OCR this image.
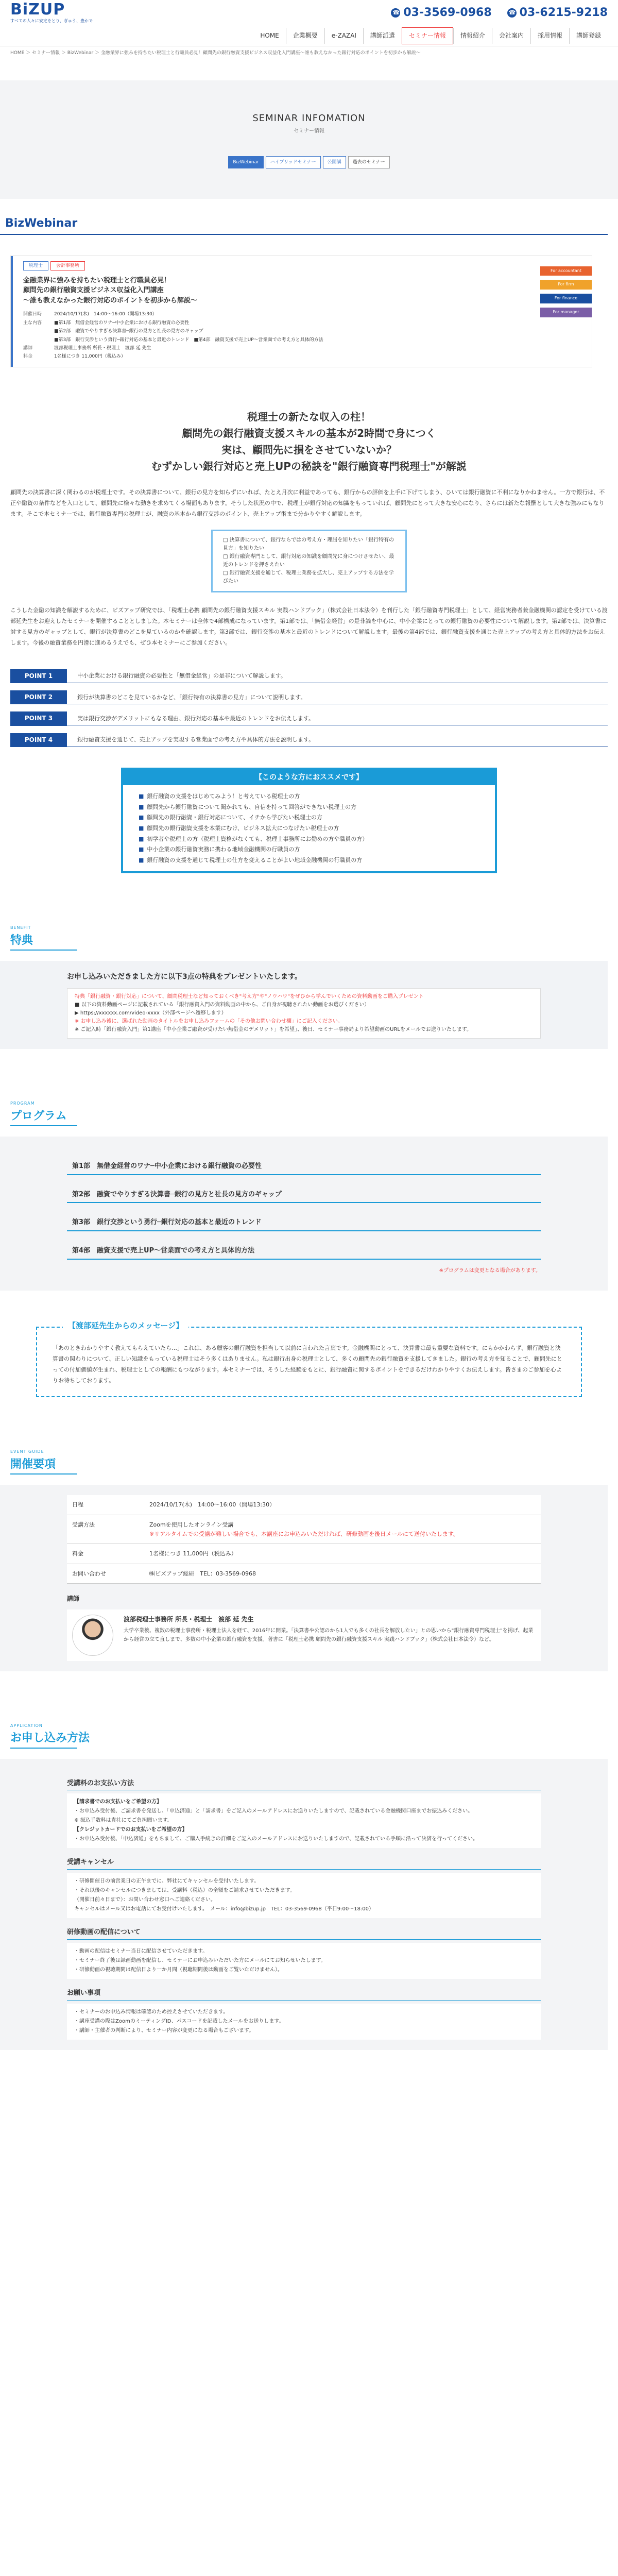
BiZUP
すべての人々に安定をとり、ぎゅう、豊かで
☎
03-3569-0968 ☎ 03-6215-9218
HOME	企業概要	e-ZAZAI	講師派遣	セミナー情報	情報紹介	会社案内	採用情報	講師登録
HOME ＞ セミナー情報 ＞ BizWebinar ＞ 金融業界に強みを持ちたい税理士と行職員必見！顧問先の銀行融資支援ビジネス収益化入門講座〜誰も教えなかった銀行対応のポイントを初歩から解説〜
SEMINAR INFOMATION
セミナー情報
BizWebinar	ハイブリッドセミナー	公開講	過去のセミナー
BizWebinar
税理士	会計事務所
金融業界に強みを持ちたい税理士と行職員必見！
顧問先の銀行融資支援ビジネス収益化入門講座
〜誰も教えなかった銀行対応のポイントを初歩から解説〜
開催日時	2024/10/17(木)　14:00〜16:00（開場13:30）
主な内容	■第1部　無借金経営のワナ─中小企業における銀行融資の必要性
■第2部　融資でやりすぎる決算書─銀行の見方と社長の見方のギャップ
■第3部　銀行交渉という勇行─銀行対応の基本と最近のトレンド　■第4部　融資支援で売上UP〜営業面での考え方と具体的方法
講師	渡部税理士事務所 所長・税理士　渡部 延 先生
料金	1名様につき 11,000円（税込み）
For accountant
For firm
For finance
For manager
税理士の新たな収入の柱！
顧問先の銀行融資支援スキルの基本が2時間で身につく
実は、顧問先に損をさせていないか？
むずかしい銀行対応と売上UPの秘訣を"銀行融資専門税理士"が解説
顧問先の決算書に深く関わるのが税理士です。その決算書について、銀行の見方を知らずにいれば、たとえ月次に利益であっても、銀行からの評価を上手に下げてしまう、ひいては銀行融資に不利になりかねません。一方で銀行は、不正や融資の条件などを入口として、顧問先に様々な動きを求めてくる場面もあります。そうした状況の中で、税理士が銀行対応の知識をもっていれば、顧問先にとって大きな安心になり、さらには新たな報酬として大きな強みにもなります。そこで本セミナーでは、銀行融資専門の税理士が、融資の基本から銀行交渉のポイント、売上アップ術まで分かりやすく解説します。
□ 決算書について、銀行ならではの考え方・理屈を知りたい「銀行特有の見方」を知りたい
□ 銀行融資専門として、銀行対応の知識を顧問先に身につけさせたい、最近のトレンドを押さえたい
□ 銀行融資支援を通じて、税理士業務を拡大し、売上アップする方法を学びたい
こうした金融の知識を解説するために、ビズアップ研究では、「税理士必携 顧問先の銀行融資支援スキル 実践ハンドブック」（株式会社日本法令）を刊行した「銀行融資専門税理士」として、経営実務者兼金融機関の認定を受けている渡部延先生をお迎えしたセミナーを開催することとしました。本セミナーは全体で4部構成になっています。第1部では、「無借金経営」の是非論を中心に、中小企業にとっての銀行融資の必要性について解説します。第2部では、決算書に対する見方のギャップとして、銀行が決算書のどこを見ているのかを確認します。第3部では、銀行交渉の基本と最近のトレンドについて解説します。最後の第4部では、銀行融資支援を通じた売上アップの考え方と具体的方法をお伝えします。今後の融資業務を円滑に進めるうえでも、ぜひ本セミナーにご参加ください。
POINT 1	中小企業における銀行融資の必要性と「無借金経営」の是非について解説します。
POINT 2	銀行が決算書のどこを見ているかなど、「銀行特有の決算書の見方」について説明します。
POINT 3	実は銀行交渉がデメリットにもなる理由、銀行対応の基本や最近のトレンドをお伝えします。
POINT 4	銀行融資支援を通じて、売上アップを実現する営業面での考え方や具体的方法を説明します。
【このような方におススメです】
■ 銀行融資の支援をはじめてみよう！と考えている税理士の方
■ 顧問先から銀行融資について聞かれても、自信を持って回答ができない税理士の方
■ 顧問先の銀行融資・銀行対応について、イチから学びたい税理士の方
■ 顧問先の銀行融資支援を本業にむけ、ビジネス拡大につなげたい税理士の方
■ 初学者や税理士の方（税理士資格がなくても、税理士事務所にお勤めの方や職員の方）
■ 中小企業の銀行融資実務に携わる地域金融機関の行職員の方
■ 銀行融資の支援を通じて税理士の仕方を変えることがよい地域金融機関の行職員の方
BENEFIT
特典
お申し込みいただきました方に以下3点の特典をプレゼントいたします。
特典「銀行融資・銀行対応」について、顧問税理士など知っておくべき"考え方"や"ノウハウ"をぜひから学んでいくための資料動画をご購入プレゼント
■ 以下の資料動画ページに記載されている「銀行融資入門の資料動画の中から、ご自身が視聴されたい動画をお選びください）
▶ https://xxxxxx.com/video-xxxx（外部ページへ遷移します）
※ お申し込み後に、選ばれた動画のタイトルをお申し込みフォームの「その他お問い合わせ欄」にご記入ください。
※ ご記入時「銀行融資入門」第1講座「中小企業ご融資が受けたい無借金のデメリット」を希望」、後日、セミナー事務局より希望動画のURLをメールでお送りいたします。
PROGRAM
プログラム
第1部　無借金経営のワナ─中小企業における銀行融資の必要性
第2部　融資でやりすぎる決算書─銀行の見方と社長の見方のギャップ
第3部　銀行交渉という勇行─銀行対応の基本と最近のトレンド
第4部　融資支援で売上UP〜営業面での考え方と具体的方法
※プログラムは変更となる場合があります。
【渡部延先生からのメッセージ】
「あのときわかりやすく教えてもらえていたら…」これは、ある顧客の銀行融資を担当して以前に言われた言葉です。金融機関にとって、決算書は最も重要な資料です。にもかかわらず、銀行融資と決算書の関わりについて、正しい知識をもっている税理士はそう多くはありません。私は銀行出身の税理士として、多くの顧問先の銀行融資を支援してきました。銀行の考え方を知ることで、顧問先にとっての付加価値が生まれ、税理士としての報酬にもつながります。本セミナーでは、そうした経験をもとに、銀行融資に関するポイントをできるだけわかりやすくお伝えします。皆さまのご参加を心よりお待ちしております。
EVENT GUIDE
開催要項
日程	2024/10/17(木)　14:00〜16:00（開場13:30）
受講方法	Zoomを使用したオンライン受講
※リアルタイムでの受講が難しい場合でも、本講座にお申込みいただければ、研修動画を後日メールにて送付いたします。

料金	1名様につき 11,000円（税込み）
お問い合わせ	㈱ビズアップ総研　TEL：03-3569-0968
講師
渡部税理士事務所 所長・税理士　渡部 延 先生
大学卒業後、複数の税理士事務所・税理士法人を経て、2016年に開業。「決算書や公認のから1人でも多くの社長を解放したい」との思いから"銀行融資専門税理士"を掲げ、起業から経営の立て直しまで、多数の中小企業の銀行融資を支援。著書に「税理士必携 顧問先の銀行融資支援スキル 実践ハンドブック」（株式会社日本法令）など。
APPLICATION
お申し込み方法
受講料のお支払い方法
【請求書でのお支払いをご希望の方】
・お申込み受付後、ご請求書を発送し、「申込済通」と「請求書」をご記入のメールアドレスにお送りいたしますので、記載されている金融機関口座までお振込みください。
※ 振込手数料は貴社にてご負担願います。
【クレジットカードでのお支払いをご希望の方】
・お申込み受付後、「申込済通」をもちまして、ご購入手続きの詳細をご記入のメールアドレスにお送りいたしますので、記載されている手順に沿って決済を行ってください。
受講キャンセル
・研修開催日の前営業日の正午までに、弊社にてキャンセルを受付いたします。
・それ以後のキャンセルにつきましては、受講料（税込）の全額をご請求させていただきます。
（開催日前々日まで）：お問い合わせ窓口へご連絡ください。
キャンセルはメール又はお電話にてお受付けいたします。　メール：info@bizup.jp　TEL：03-3569-0968（平日9:00〜18:00）
研修動画の配信について
・動画の配信はセミナー当日に配信させていただきます。
・セミナー終了後は録画動画を配信し、セミナーにお申込みいただいた方にメールにてお知らせいたします。
・研修動画の視聴期間は配信日より一か月間（視聴期間後は動画をご覧いただけません）。
お願い事項
・セミナーのお申込み情報は確認のため控えさせていただきます。
・講座受講の際はZoomのミーティングID、パスコードを記載したメールをお送りします。
・講師・主催者の判断により、セミナー内容が変更になる場合もございます。
